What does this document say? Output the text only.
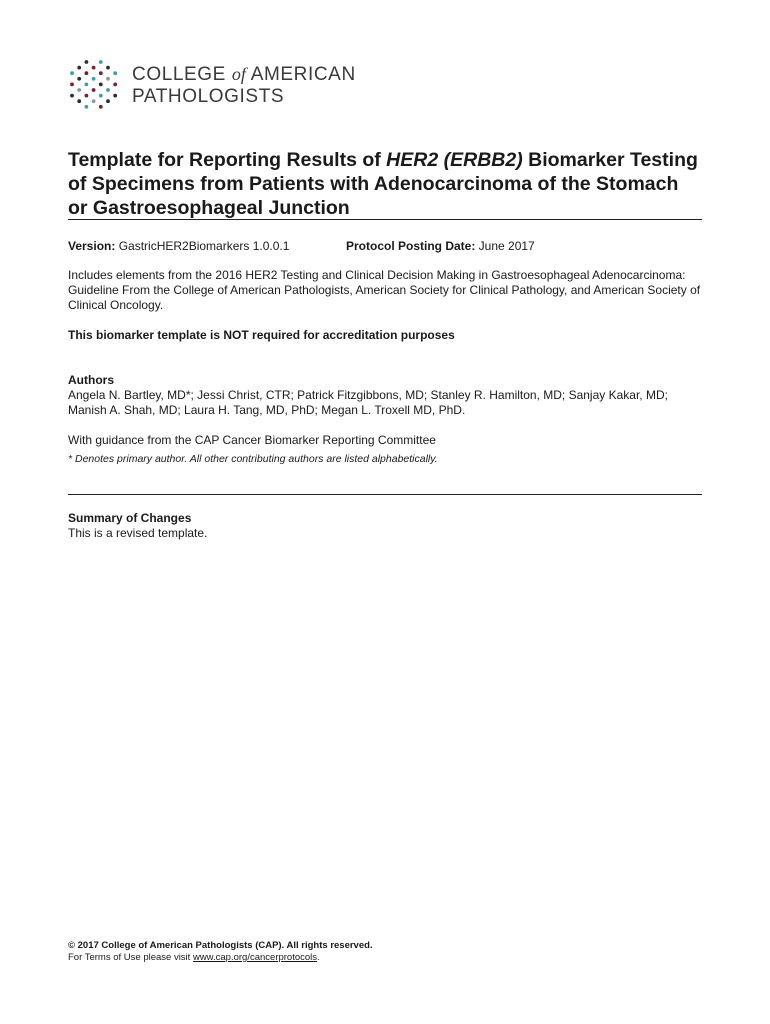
COLLEGE of AMERICAN
PATHOLOGISTS
Template for Reporting Results of HER2 (ERBB2) Biomarker Testing of Specimens from Patients with Adenocarcinoma of the Stomach or Gastroesophageal Junction
Version: GastricHER2Biomarkers 1.0.0.1	Protocol Posting Date: June 2017

Includes elements from the 2016 HER2 Testing and Clinical Decision Making in Gastroesophageal Adenocarcinoma: Guideline From the College of American Pathologists, American Society for Clinical Pathology, and American Society of Clinical Oncology.

This biomarker template is NOT required for accreditation purposes

Authors

Angela N. Bartley, MD*; Jessi Christ, CTR; Patrick Fitzgibbons, MD; Stanley R. Hamilton, MD; Sanjay Kakar, MD; Manish A. Shah, MD; Laura H. Tang, MD, PhD; Megan L. Troxell MD, PhD.

With guidance from the CAP Cancer Biomarker Reporting Committee

* Denotes primary author. All other contributing authors are listed alphabetically.

Summary of Changes

This is a revised template.

© 2017 College of American Pathologists (CAP). All rights reserved.
For Terms of Use please visit www.cap.org/cancerprotocols.
